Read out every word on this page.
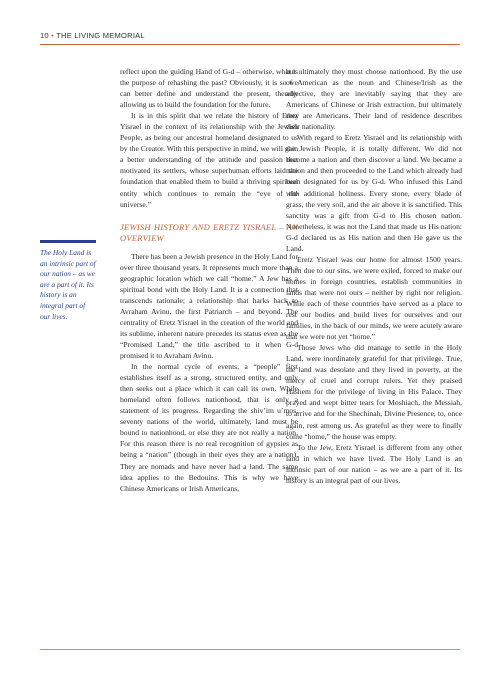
10 • THE LIVING MEMORIAL

The Holy Land is an intrinsic part of our nation – as we are a part of it. Its history is an integral part of our lives.

reflect upon the guiding Hand of G-d – otherwise, what is the purpose of rehashing the past? Obviously, it is so we can better define and understand the present, thereby allowing us to build the foundation for the future.

It is in this spirit that we relate the history of Eretz Yisrael in the context of its relationship with the Jewish People, as being our ancestral homeland designated to us by the Creator. With this perspective in mind, we will gain a better understanding of the attitude and passion that motivated its settlers, whose superhuman efforts laid the foundation that enabled them to build a thriving spiritual entity which continues to remain the “eye of the universe.”

JEWISH HISTORY AND ERETZ YISRAEL – AN OVERVIEW

There has been a Jewish presence in the Holy Land for over three thousand years. It represents much more than a geographic location which we call “home.” A Jew has a spiritual bond with the Holy Land. It is a connection that transcends rationale; a relationship that harks back to Avraham Avinu, the first Patriarch – and beyond. The centrality of Eretz Yisrael in the creation of the world and its sublime, inherent nature precedes its status even as the “Promised Land,” the title ascribed to it when G-d promised it to Avraham Avinu.

In the normal cycle of events, a “people” first establishes itself as a strong, structured entity, and only then seeks out a place which it can call its own. While homeland often follows nationhood, that is only a statement of its progress. Regarding the shiv’im u’mos, seventy nations of the world, ultimately, land must be bound to nationhood, or else they are not really a nation. For this reason there is no real recognition of gypsies as being a “nation” (though in their eyes they are a nation). They are nomads and have never had a land. The same idea applies to the Bedouins. This is why we have Chinese Americans or Irish Americans,

but ultimately they must choose nationhood. By the use of American as the noun and Chinese/Irish as the adjective, they are inevitably saying that they are Americans of Chinese or Irish extraction, but ultimately they are Americans. Their land of residence describes their nationality.

With regard to Eretz Yisrael and its relationship with the Jewish People, it is totally different. We did not become a nation and then discover a land. We became a nation and then proceeded to the Land which already had been designated for us by G-d. Who infused this Land with additional holiness. Every stone, every blade of grass, the very soil, and the air above it is sanctified. This sanctity was a gift from G-d to His chosen nation. Nonetheless, it was not the Land that made us His nation: G-d declared us as His nation and then He gave us the Land.

Eretz Yisrael was our home for almost 1500 years. Then due to our sins, we were exiled, forced to make our homes in foreign countries, establish communities in lands that were not ours – neither by right nor religion. While each of these countries have served as a place to rest our bodies and build lives for ourselves and our families, in the back of our minds, we were acutely aware that we were not yet “home.”

Those Jews who did manage to settle in the Holy Land, were inordinately grateful for that privilege. True, the land was desolate and they lived in poverty, at the mercy of cruel and corrupt rulers. Yet they praised Hashem for the privilege of living in His Palace. They prayed and wept bitter tears for Moshiach, the Messiah, to arrive and for the Shechinah, Divine Presence, to, once again, rest among us. As grateful as they were to finally come “home,” the house was empty.

To the Jew, Eretz Yisrael is different from any other land in which we have lived. The Holy Land is an intrinsic part of our nation – as we are a part of it. Its history is an integral part of our lives.
